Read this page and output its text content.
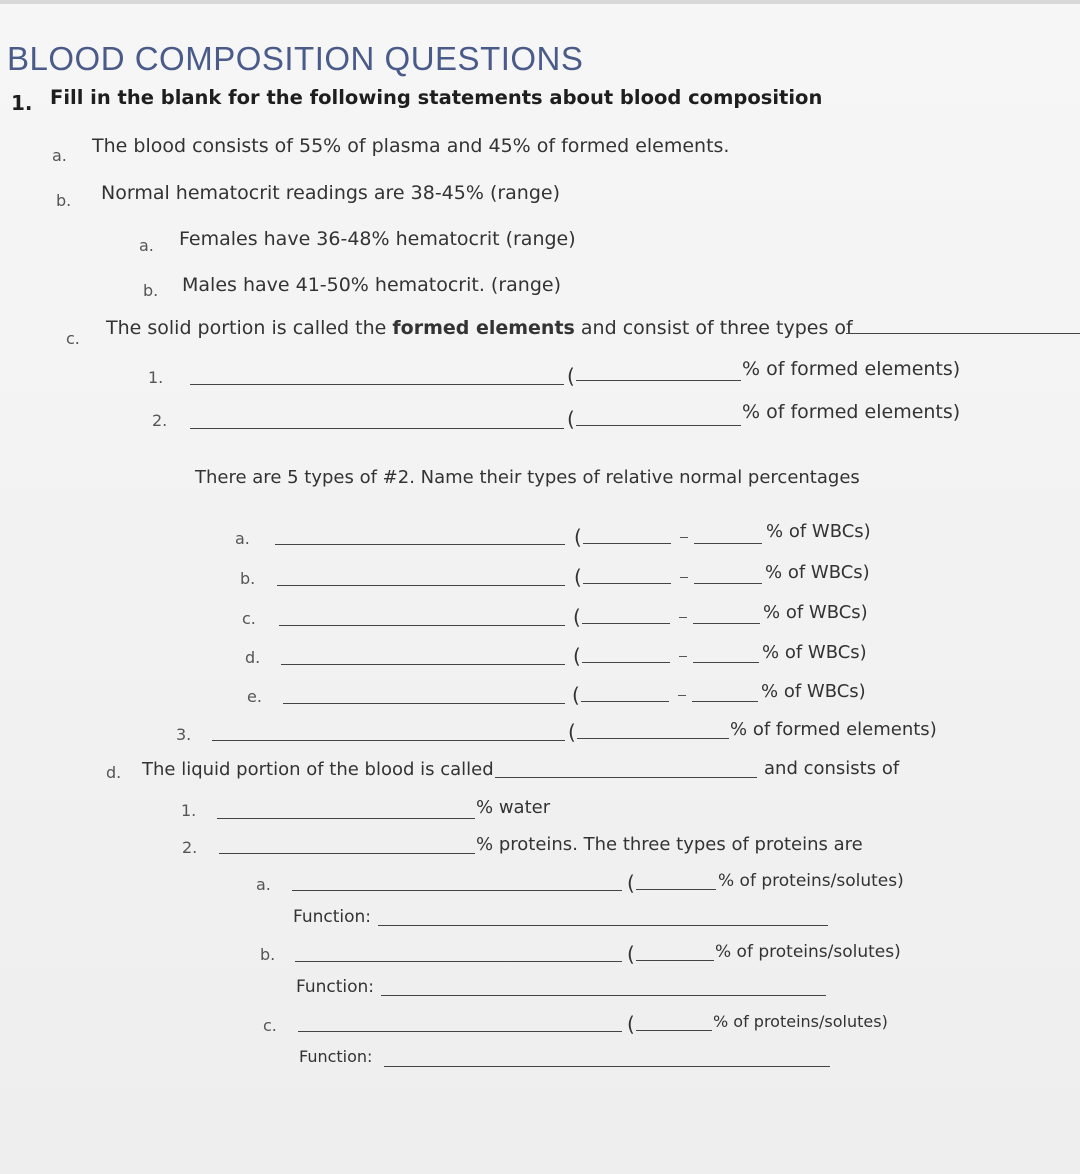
BLOOD COMPOSITION QUESTIONS
1. Fill in the blank for the following statements about blood composition
a. The blood consists of 55% of plasma and 45% of formed elements.
b. Normal hematocrit readings are 38-45% (range)
a. Females have 36-48% hematocrit (range)
b. Males have 41-50% hematocrit. (range)
c. The solid portion is called the formed elements and consist of three types of
1.	(	% of formed elements)
2.	(	% of formed elements)
There are 5 types of #2. Name their types of relative normal percentages
a.	(	% of WBCs)
b.	(	% of WBCs)
c.	(	% of WBCs)
d.	(	% of WBCs)
e.	(	% of WBCs)
3.	(	% of formed elements)
d. The liquid portion of the blood is called	and consists of
1.	% water
2.	% proteins. The three types of proteins are
a.	(	% of proteins/solutes)
Function:
b.	(	% of proteins/solutes)
Function:
c.	(	% of proteins/solutes)
Function:
